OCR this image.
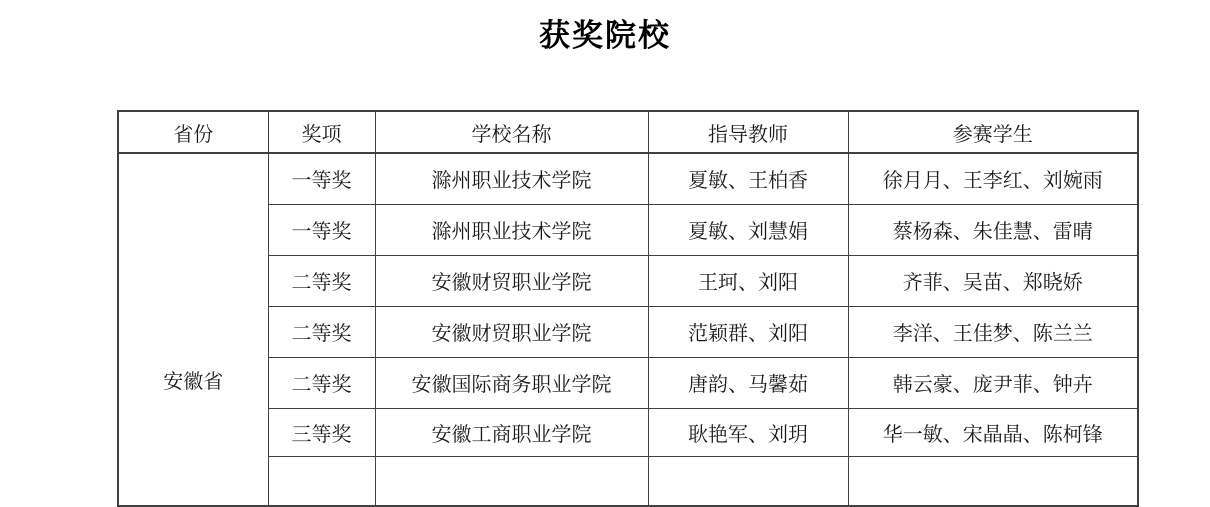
获奖院校
省份	奖项	学校名称	指导教师	参赛学生

安徽省	一等奖	滁州职业技术学院	夏敏、王柏香	徐月月、王李红、刘婉雨
	一等奖	滁州职业技术学院	夏敏、刘慧娟	蔡杨森、朱佳慧、雷晴
	二等奖	安徽财贸职业学院	王珂、刘阳	齐菲、吴苗、郑晓娇
	二等奖	安徽财贸职业学院	范颖群、刘阳	李洋、王佳梦、陈兰兰
	二等奖	安徽国际商务职业学院	唐韵、马馨茹	韩云豪、庞尹菲、钟卉
	三等奖	安徽工商职业学院	耿艳军、刘玥	华一敏、宋晶晶、陈柯锋
